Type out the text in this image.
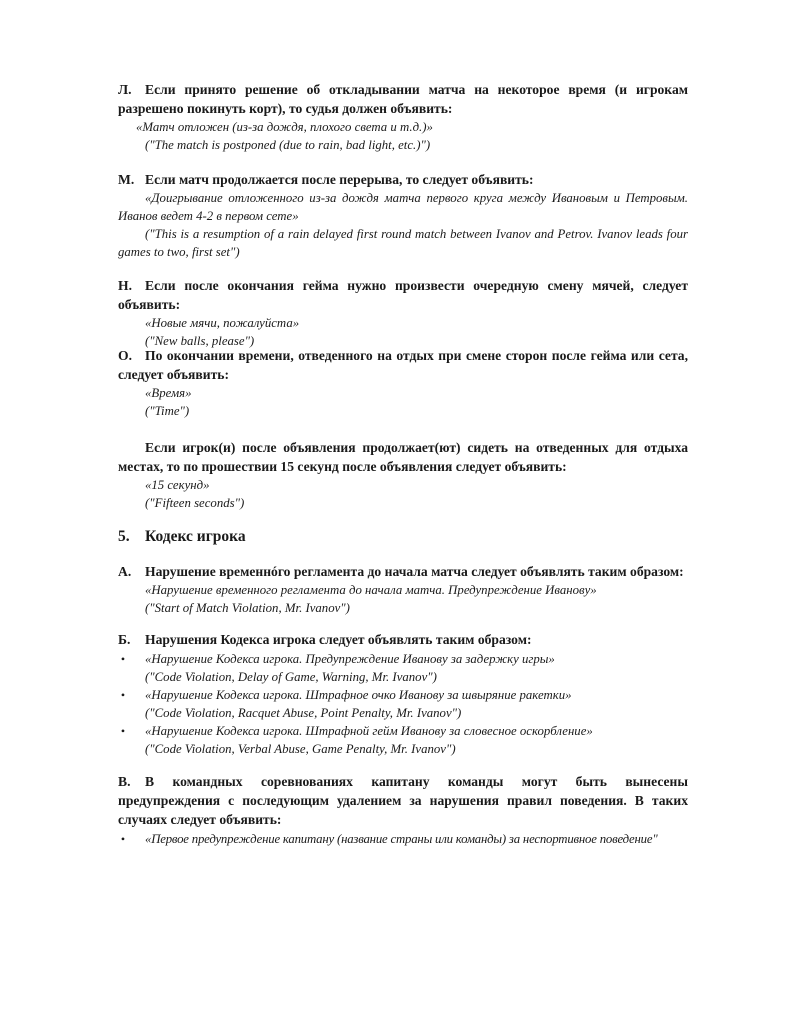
Л. Если принято решение об откладывании матча на некоторое время (и игрокам разрешено покинуть корт), то судья должен объявить:

«Матч отложен (из-за дождя, плохого света и т.д.)»

("The match is postponed (due to rain, bad light, etc.)")

М. Если матч продолжается после перерыва, то следует объявить:

«Доигрывание отложенного из-за дождя матча первого круга между Ивановым и Петровым. Иванов ведет 4-2 в первом сете»

("This is a resumption of a rain delayed first round match between Ivanov and Petrov. Ivanov leads four games to two, first set")

Н. Если после окончания гейма нужно произвести очередную смену мячей, следует объявить:

«Новые мячи, пожалуйста»

("New balls, please")

О. По окончании времени, отведенного на отдых при смене сторон после гейма или сета, следует объявить:

«Время»

("Time")

Если игрок(и) после объявления продолжает(ют) сидеть на отведенных для отдыха местах, то по прошествии 15 секунд после объявления следует объявить:

«15 секунд»

("Fifteen seconds")

5. Кодекс игрока

А. Нарушение временнóго регламента до начала матча следует объявлять таким образом:

«Нарушение временного регламента до начала матча. Предупреждение Иванову»

("Start of Match Violation, Mr. Ivanov")

Б. Нарушения Кодекса игрока следует объявлять таким образом:

• «Нарушение Кодекса игрока. Предупреждение Иванову за задержку игры»

("Code Violation, Delay of Game, Warning, Mr. Ivanov")

• «Нарушение Кодекса игрока. Штрафное очко Иванову за швыряние ракетки»

("Code Violation, Racquet Abuse, Point Penalty, Mr. Ivanov")

• «Нарушение Кодекса игрока. Штрафной гейм Иванову за словесное оскорбление»

("Code Violation, Verbal Abuse, Game Penalty, Mr. Ivanov")

В. В командных соревнованиях капитану команды могут быть вынесены предупреждения с последующим удалением за нарушения правил поведения. В таких случаях следует объявить:

• «Первое предупреждение капитану (название страны или команды) за неспортивное поведение"
